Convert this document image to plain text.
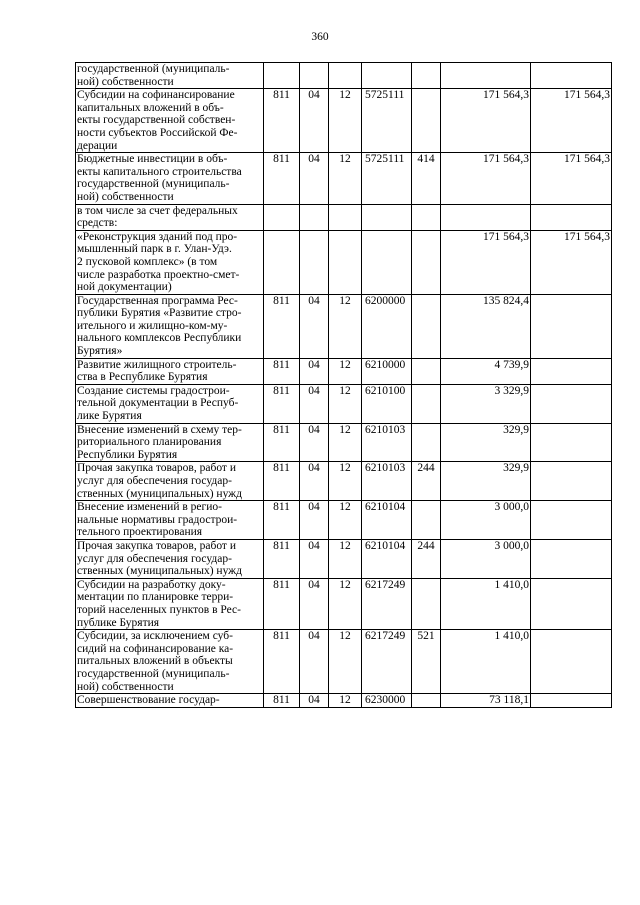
360
государственной (муниципаль-
ной) собственности							

Субсидии на софинансирование
капитальных вложений в объ-
екты государственной собствен-
ности субъектов Российской Фе-
дерации	811	04	12	5725111		171 564,3	171 564,3

Бюджетные инвестиции в объ-
екты капитального строительства
государственной (муниципаль-
ной) собственности	811	04	12	5725111	414	171 564,3	171 564,3

в том числе за счет федеральных
средств:							

«Реконструкция зданий под про-
мышленный парк в г. Улан-Удэ.
2 пусковой комплекс» (в том
числе разработка проектно-смет-
ной документации)						171 564,3	171 564,3

Государственная программа Рес-
публики Бурятия «Развитие стро-
ительного и жилищно-ком-му-
нального комплексов Республики
Бурятия»	811	04	12	6200000		135 824,4	

Развитие жилищного строитель-
ства в Республике Бурятия	811	04	12	6210000		4 739,9	

Создание системы градострои-
тельной документации в Респуб-
лике Бурятия	811	04	12	6210100		3 329,9	

Внесение изменений в схему тер-
риториального планирования
Республики Бурятия	811	04	12	6210103		329,9	

Прочая закупка товаров, работ и
услуг для обеспечения государ-
ственных (муниципальных) нужд	811	04	12	6210103	244	329,9	

Внесение изменений в регио-
нальные нормативы градострои-
тельного проектирования	811	04	12	6210104		3 000,0	

Прочая закупка товаров, работ и
услуг для обеспечения государ-
ственных (муниципальных) нужд	811	04	12	6210104	244	3 000,0	

Субсидии на разработку доку-
ментации по планировке терри-
торий населенных пунктов в Рес-
публике Бурятия	811	04	12	6217249		1 410,0	

Субсидии, за исключением суб-
сидий на софинансирование ка-
питальных вложений в объекты
государственной (муниципаль-
ной) собственности	811	04	12	6217249	521	1 410,0	

Совершенствование государ-	811	04	12	6230000		73 118,1	
